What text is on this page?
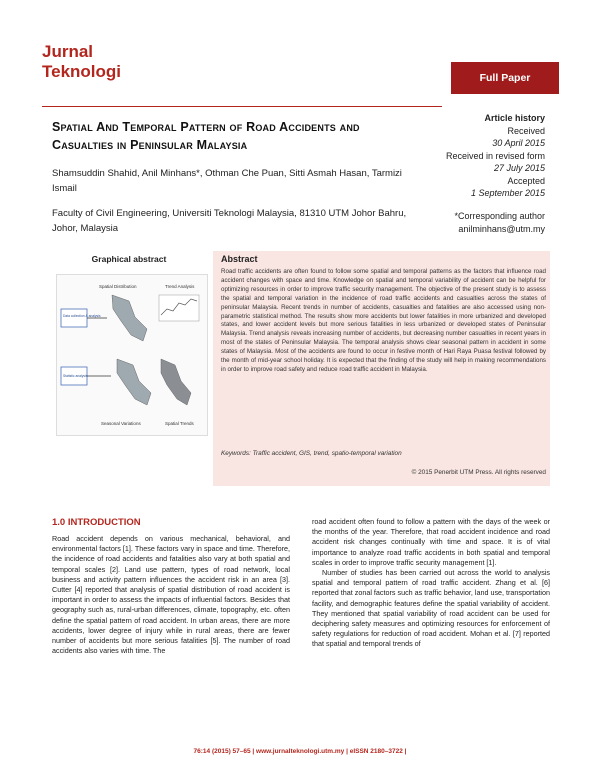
Jurnal
Teknologi	Full Paper
Spatial And Temporal Pattern of Road Accidents and Casualties in Peninsular Malaysia
Shamsuddin Shahid, Anil Minhans*, Othman Che Puan, Sitti Asmah Hasan, Tarmizi Ismail
Faculty of Civil Engineering, Universiti Teknologi Malaysia, 81310 UTM Johor Bahru, Johor, Malaysia
Article history
Received
30 April 2015
Received in revised form
27 July 2015
Accepted
1 September 2015
*Corresponding author
anilminhans@utm.my
Graphical abstract
Spatial Distribution	Trend Analysis
Data collection & analysis
Statistic analysis
Seasonal Variations	Spatial Trends
Abstract
Road traffic accidents are often found to follow some spatial and temporal patterns as the factors that influence road accident changes with space and time. Knowledge on spatial and temporal variability of accident can be helpful for optimizing resources in order to improve traffic security management. The objective of the present study is to assess the spatial and temporal variation in the incidence of road traffic accidents and casualties across the states of peninsular Malaysia. Recent trends in number of accidents, casualties and fatalities are also accessed using non-parametric statistical method. The results show more accidents but lower fatalities in more urbanized and developed states, and lower accident levels but more serious fatalities in less urbanized or developed states of Peninsular Malaysia. Trend analysis reveals increasing number of accidents, but decreasing number casualties in recent years in most of the states of Peninsular Malaysia. The temporal analysis shows clear seasonal pattern in accident in some states of Malaysia. Most of the accidents are found to occur in festive month of Hari Raya Puasa festival followed by the month of mid-year school holiday. It is expected that the finding of the study will help in making recommendations in order to improve road safety and reduce road traffic accident in Malaysia.
Keywords: Traffic accident, GIS, trend, spatio-temporal variation
© 2015 Penerbit UTM Press. All rights reserved
1.0 INTRODUCTION

Road accident depends on various mechanical, behavioral, and environmental factors [1]. These factors vary in space and time. Therefore, the incidence of road accidents and fatalities also vary at both spatial and temporal scales [2]. Land use pattern, types of road network, local business and activity pattern influences the accident risk in an area [3]. Cutter [4] reported that analysis of spatial distribution of road accident is important in order to assess the impacts of influential factors. Besides that geography such as, rural-urban differences, climate, topography, etc. often define the spatial pattern of road accident. In urban areas, there are more accidents, lower degree of injury while in rural areas, there are fewer number of accidents but more serious fatalities [5]. The number of road accidents also varies with time. The

road accident often found to follow a pattern with the days of the week or the months of the year. Therefore, that road accident incidence and road accident risk changes continually with time and space. It is of vital importance to analyze road traffic accidents in both spatial and temporal scales in order to improve traffic security management [1].

Number of studies has been carried out across the world to analysis spatial and temporal pattern of road traffic accident. Zhang et al. [6] reported that zonal factors such as traffic behavior, land use, transportation facility, and demographic features define the spatial variability of accident. They mentioned that spatial variability of road accident can be used for deciphering safety measures and optimizing resources for enforcement of safety regulations for reduction of road accident. Mohan et al. [7] reported that spatial and temporal trends of

76:14 (2015) 57–65 | www.jurnalteknologi.utm.my | eISSN 2180–3722 |
